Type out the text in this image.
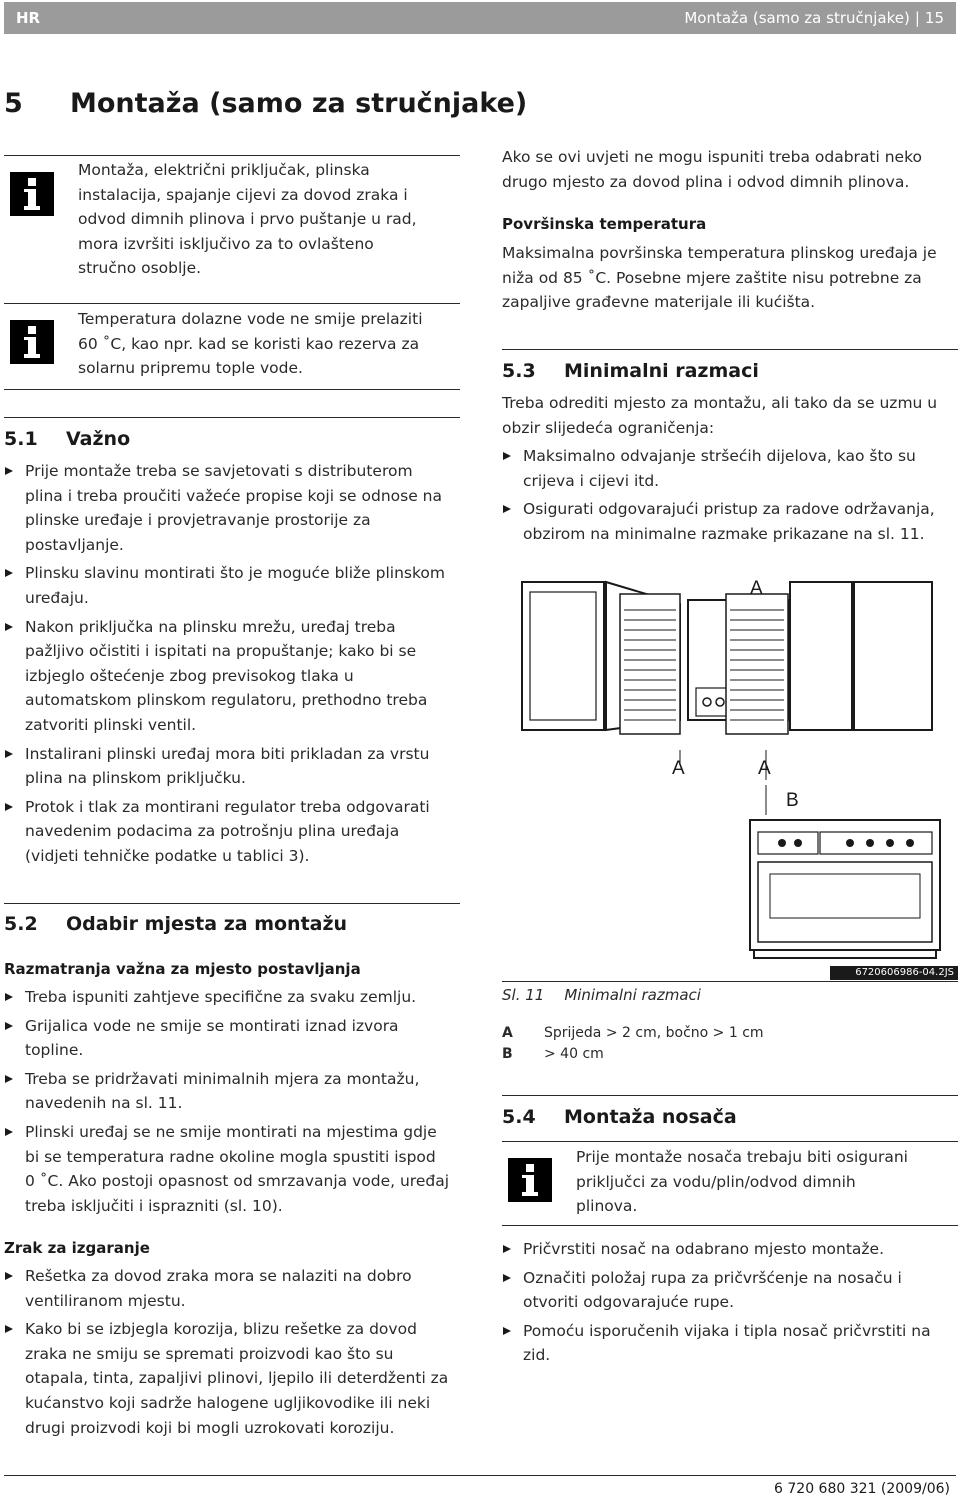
HR	Montaža (samo za stručnjake) | 15
5 Montaža (samo za stručnjake)
Montaža, električni priključak, plinska
instalacija, spajanje cijevi za dovod zraka i
odvod dimnih plinova i prvo puštanje u rad,
mora izvršiti isključivo za to ovlašteno
stručno osoblje.
Temperatura dolazne vode ne smije prelaziti
60 ˚C, kao npr. kad se koristi kao rezerva za
solarnu pripremu tople vode.
5.1 Važno
Prije montaže treba se savjetovati s distributerom
plina i treba proučiti važeće propise koji se odnose na
plinske uređaje i provjetravanje prostorije za
postavljanje.
Plinsku slavinu montirati što je moguće bliže plinskom
uređaju.
Nakon priključka na plinsku mrežu, uređaj treba
pažljivo očistiti i ispitati na propuštanje; kako bi se
izbjeglo oštećenje zbog previsokog tlaka u
automatskom plinskom regulatoru, prethodno treba
zatvoriti plinski ventil.
Instalirani plinski uređaj mora biti prikladan za vrstu
plina na plinskom priključku.
Protok i tlak za montirani regulator treba odgovarati
navedenim podacima za potrošnju plina uređaja
(vidjeti tehničke podatke u tablici 3).
5.2 Odabir mjesta za montažu
Razmatranja važna za mjesto postavljanja
Treba ispuniti zahtjeve specifične za svaku zemlju.
Grijalica vode ne smije se montirati iznad izvora
topline.
Treba se pridržavati minimalnih mjera za montažu,
navedenih na sl. 11.
Plinski uređaj se ne smije montirati na mjestima gdje
bi se temperatura radne okoline mogla spustiti ispod
0 ˚C. Ako postoji opasnost od smrzavanja vode, uređaj
treba isključiti i isprazniti (sl. 10).
Zrak za izgaranje
Rešetka za dovod zraka mora se nalaziti na dobro
ventiliranom mjestu.
Kako bi se izbjegla korozija, blizu rešetke za dovod
zraka ne smiju se spremati proizvodi kao što su
otapala, tinta, zapaljivi plinovi, ljepilo ili deterdženti za
kućanstvo koji sadrže halogene ugljikovodike ili neki
drugi proizvodi koji bi mogli uzrokovati koroziju.
Ako se ovi uvjeti ne mogu ispuniti treba odabrati neko
drugo mjesto za dovod plina i odvod dimnih plinova.
Površinska temperatura
Maksimalna površinska temperatura plinskog uređaja je
niža od 85 ˚C. Posebne mjere zaštite nisu potrebne za
zapaljive građevne materijale ili kućišta.
5.3 Minimalni razmaci
Treba odrediti mjesto za montažu, ali tako da se uzmu u
obzir slijedeća ograničenja:
Maksimalno odvajanje stršećih dijelova, kao što su
crijeva i cijevi itd.
Osigurati odgovarajući pristup za radove održavanja,
obzirom na minimalne razmake prikazane na sl. 11.
A
A	A
B
6720606986-04.2JS
Sl. 11 Minimalni razmaci
A Sprijeda > 2 cm, bočno > 1 cm
B > 40 cm
5.4 Montaža nosača
Prije montaže nosača trebaju biti osigurani
priključci za vodu/plin/odvod dimnih
plinova.
Pričvrstiti nosač na odabrano mjesto montaže.
Označiti položaj rupa za pričvršćenje na nosaču i
otvoriti odgovarajuće rupe.
Pomoću isporučenih vijaka i tipla nosač pričvrstiti na
zid.
6 720 680 321 (2009/06)
